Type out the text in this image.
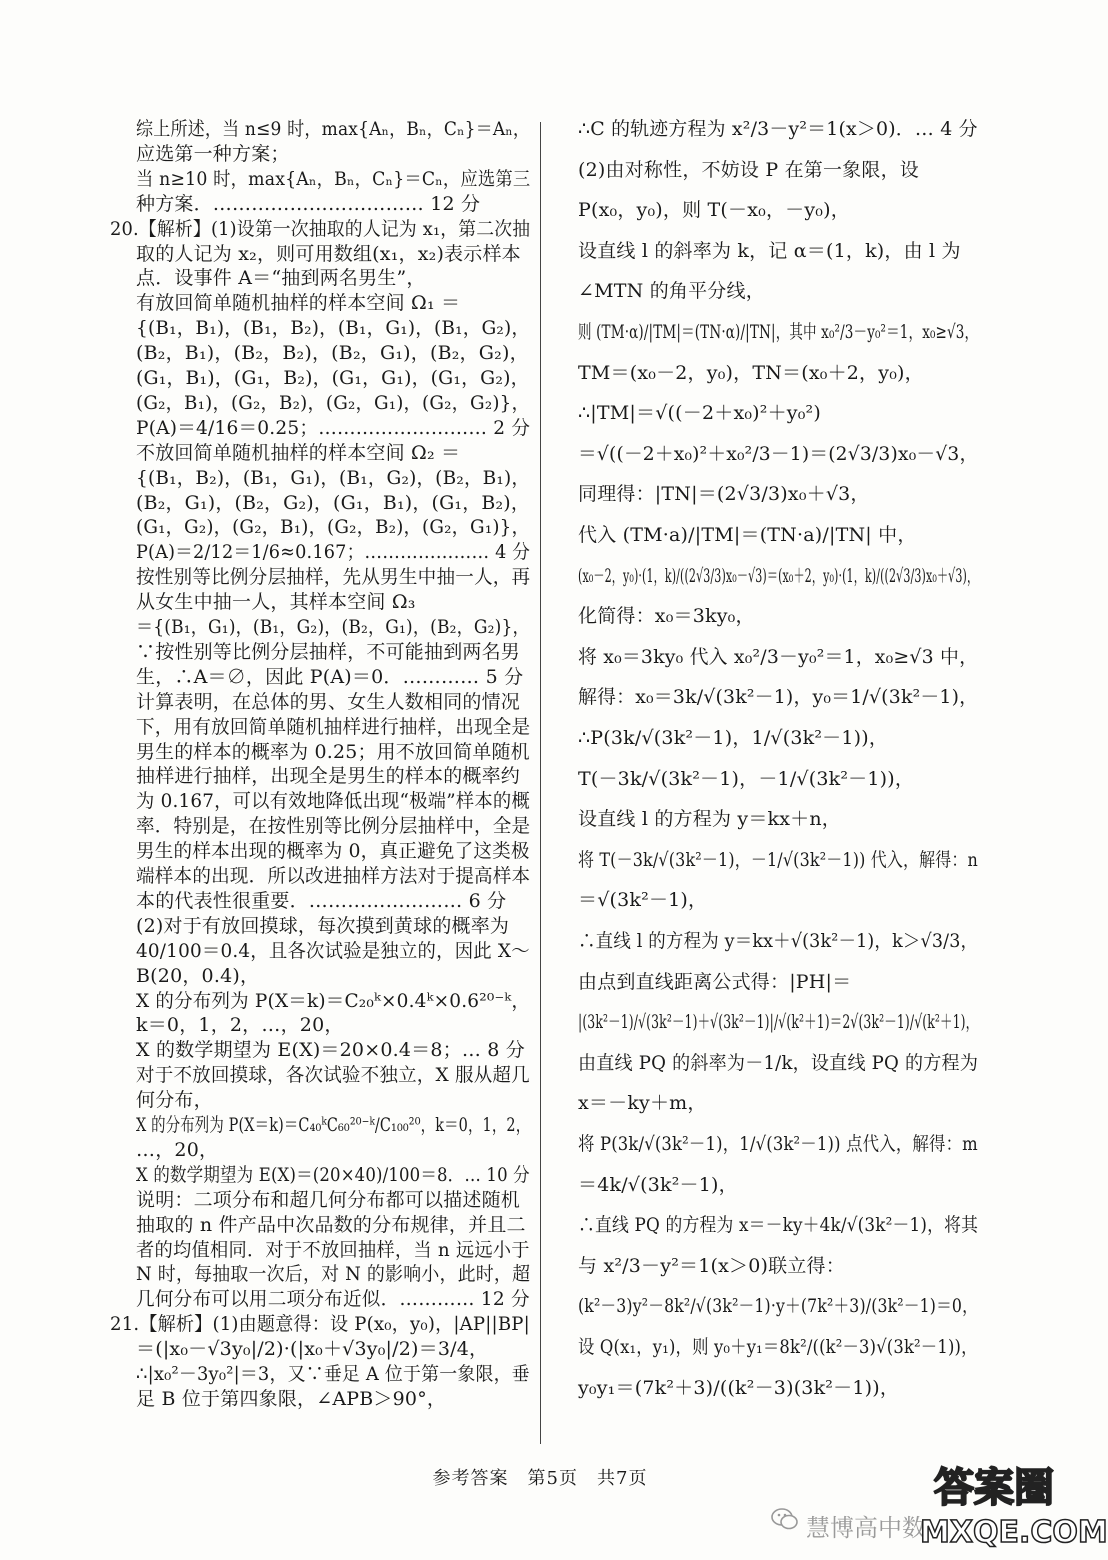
综上所述，当 n≤9 时，max{Aₙ，Bₙ，Cₙ}＝Aₙ，
应选第一种方案；
当 n≥10 时，max{Aₙ，Bₙ，Cₙ}＝Cₙ，应选第三
种方案．…………………………… 12 分
20.【解析】(1)设第一次抽取的人记为 x₁，第二次抽
取的人记为 x₂，则可用数组(x₁，x₂)表示样本
点．设事件 A＝“抽到两名男生”，
有放回简单随机抽样的样本空间 Ω₁ ＝
{(B₁，B₁)，(B₁，B₂)，(B₁，G₁)，(B₁，G₂)，
(B₂，B₁)，(B₂，B₂)，(B₂，G₁)，(B₂，G₂)，
(G₁，B₁)，(G₁，B₂)，(G₁，G₁)，(G₁，G₂)，
(G₂，B₁)，(G₂，B₂)，(G₂，G₁)，(G₂，G₂)}，
P(A)＝4/16＝0.25；……………………… 2 分
不放回简单随机抽样的样本空间 Ω₂ ＝
{(B₁，B₂)，(B₁，G₁)，(B₁，G₂)，(B₂，B₁)，
(B₂，G₁)，(B₂，G₂)，(G₁，B₁)，(G₁，B₂)，
(G₁，G₂)，(G₂，B₁)，(G₂，B₂)，(G₂，G₁)}，
P(A)＝2/12＝1/6≈0.167；………………… 4 分
按性别等比例分层抽样，先从男生中抽一人，再
从女生中抽一人，其样本空间 Ω₃
＝{(B₁，G₁)，(B₁，G₂)，(B₂，G₁)，(B₂，G₂)}，
∵按性别等比例分层抽样，不可能抽到两名男
生，∴A＝∅，因此 P(A)＝0．………… 5 分
计算表明，在总体的男、女生人数相同的情况
下，用有放回简单随机抽样进行抽样，出现全是
男生的样本的概率为 0.25；用不放回简单随机
抽样进行抽样，出现全是男生的样本的概率约
为 0.167，可以有效地降低出现“极端”样本的概
率．特别是，在按性别等比例分层抽样中，全是
男生的样本出现的概率为 0，真正避免了这类极
端样本的出现．所以改进抽样方法对于提高样本
本的代表性很重要．…………………… 6 分
(2)对于有放回摸球，每次摸到黄球的概率为
40/100＝0.4，且各次试验是独立的，因此 X～
B(20，0.4)，
X 的分布列为 P(X＝k)＝C₂₀ᵏ×0.4ᵏ×0.6²⁰⁻ᵏ，
k＝0，1，2，…，20，
X 的数学期望为 E(X)＝20×0.4＝8；… 8 分
对于不放回摸球，各次试验不独立，X 服从超几
何分布，
X 的分布列为 P(X＝k)＝C₄₀ᵏC₆₀²⁰⁻ᵏ/C₁₀₀²⁰，k＝0，1，2，
…，20，
X 的数学期望为 E(X)＝(20×40)/100＝8．… 10 分
说明：二项分布和超几何分布都可以描述随机
抽取的 n 件产品中次品数的分布规律，并且二
者的均值相同．对于不放回抽样，当 n 远远小于
N 时，每抽取一次后，对 N 的影响小，此时，超
几何分布可以用二项分布近似．………… 12 分
21.【解析】(1)由题意得：设 P(x₀，y₀)，|AP||BP|
＝(|x₀－√3y₀|/2)·(|x₀＋√3y₀|/2)＝3/4，
∴|x₀²－3y₀²|＝3，又∵垂足 A 位于第一象限，垂
足 B 位于第四象限，∠APB＞90°，
∴C 的轨迹方程为 x²/3－y²＝1(x＞0)．… 4 分
(2)由对称性，不妨设 P 在第一象限，设
P(x₀，y₀)，则 T(－x₀，－y₀)，
设直线 l 的斜率为 k，记 α＝(1，k)，由 l 为
∠MTN 的角平分线，
则 (TM·α)/|TM|＝(TN·α)/|TN|，其中 x₀²/3－y₀²＝1，x₀≥√3，
TM＝(x₀－2，y₀)，TN＝(x₀＋2，y₀)，
∴|TM|＝√((－2＋x₀)²＋y₀²)
＝√((－2＋x₀)²＋x₀²/3－1)＝(2√3/3)x₀－√3，
同理得：|TN|＝(2√3/3)x₀＋√3，
代入 (TM·a)/|TM|＝(TN·a)/|TN| 中，
(x₀－2，y₀)·(1，k)/((2√3/3)x₀－√3)＝(x₀＋2，y₀)·(1，k)/((2√3/3)x₀＋√3)，
化简得：x₀＝3ky₀，
将 x₀＝3ky₀ 代入 x₀²/3－y₀²＝1，x₀≥√3 中，
解得：x₀＝3k/√(3k²－1)，y₀＝1/√(3k²－1)，
∴P(3k/√(3k²－1)，1/√(3k²－1))，
T(－3k/√(3k²－1)，－1/√(3k²－1))，
设直线 l 的方程为 y＝kx＋n，
将 T(－3k/√(3k²－1)，－1/√(3k²－1)) 代入，解得：n
＝√(3k²－1)，
∴直线 l 的方程为 y＝kx＋√(3k²－1)，k＞√3/3，
由点到直线距离公式得：|PH|＝
|(3k²－1)/√(3k²－1)＋√(3k²－1)|/√(k²＋1)＝2√(3k²－1)/√(k²＋1)，
由直线 PQ 的斜率为－1/k，设直线 PQ 的方程为
x＝－ky＋m，
将 P(3k/√(3k²－1)，1/√(3k²－1)) 点代入，解得：m
＝4k/√(3k²－1)，
∴直线 PQ 的方程为 x＝－ky＋4k/√(3k²－1)，将其
与 x²/3－y²＝1(x＞0)联立得：
(k²－3)y²－8k²/√(3k²－1)·y＋(7k²＋3)/(3k²－1)＝0，
设 Q(x₁，y₁)，则 y₀＋y₁＝8k²/((k²－3)√(3k²－1))，
y₀y₁＝(7k²＋3)/((k²－3)(3k²－1))，
参考答案　第5页　共7页
慧博高中数
答案圈
MXQE.COM
